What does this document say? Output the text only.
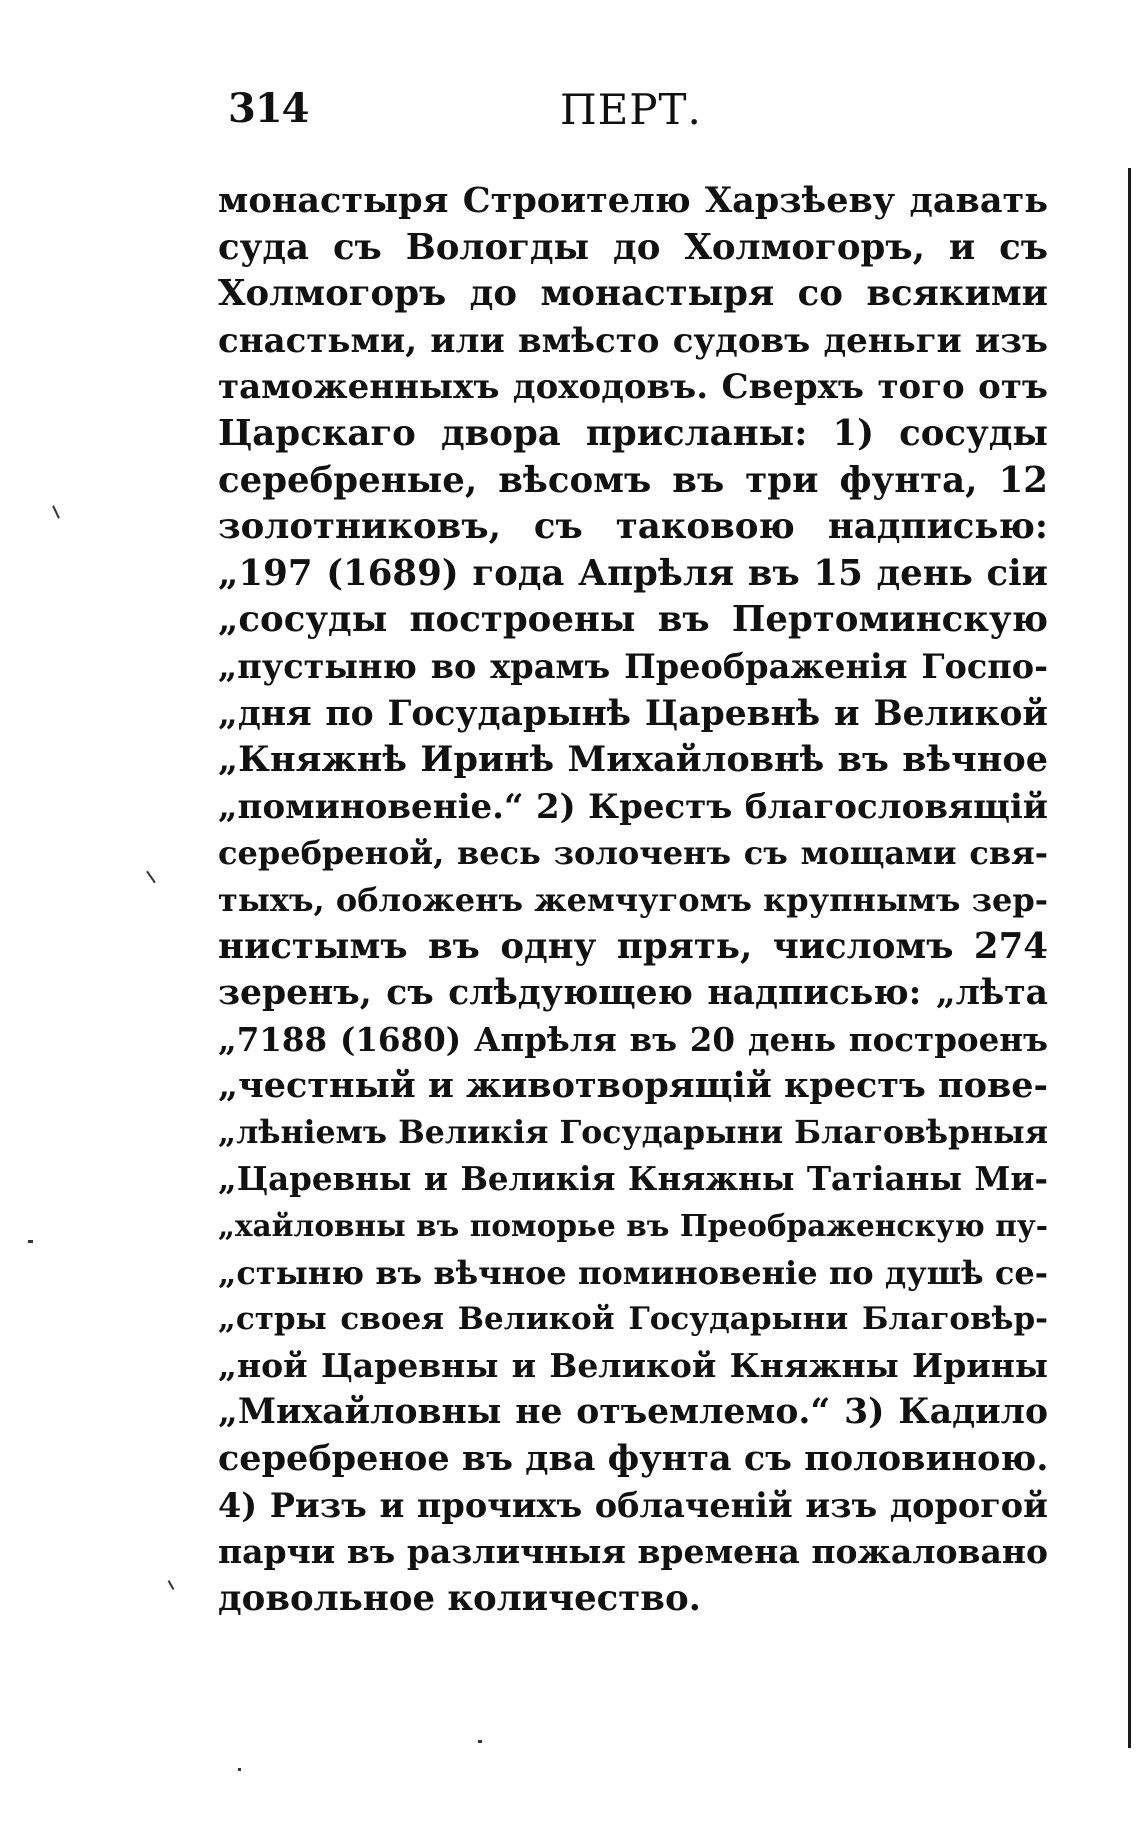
314	ПЕРТ.
монастыря Строителю Харзѣеву давать
суда съ Вологды до Холмогоръ, и съ
Холмогоръ до монастыря со всякими
снастьми, или вмѣсто судовъ деньги изъ
таможенныхъ доходовъ. Сверхъ того отъ
Царскаго двора присланы: 1) сосуды
серебреные, вѣсомъ въ три фунта, 12
золотниковъ, съ таковою надписью:
„197 (1689) года Апрѣля въ 15 день сіи
„сосуды построены въ Пертоминскую
„пустыню во храмъ Преображенія Госпо-
„дня по Государынѣ Царевнѣ и Великой
„Княжнѣ Иринѣ Михайловнѣ въ вѣчное
„поминовеніе.“ 2) Крестъ благословящій
серебреной, весь золоченъ съ мощами свя-
тыхъ, обложенъ жемчугомъ крупнымъ зер-
нистымъ въ одну прять, числомъ 274
зеренъ, съ слѣдующею надписью: „лѣта
„7188 (1680) Апрѣля въ 20 день построенъ
„честный и животворящій крестъ пове-
„лѣніемъ Великія Государыни Благовѣрныя
„Царевны и Великія Княжны Татіаны Ми-
„хайловны въ поморье въ Преображенскую пу-
„стыню въ вѣчное поминовеніе по душѣ се-
„стры своея Великой Государыни Благовѣр-
„ной Царевны и Великой Княжны Ирины
„Михайловны не отъемлемо.“ 3) Кадило
серебреное въ два фунта съ половиною.
4) Ризъ и прочихъ облаченій изъ дорогой
парчи въ различныя времена пожаловано
довольное количество.
